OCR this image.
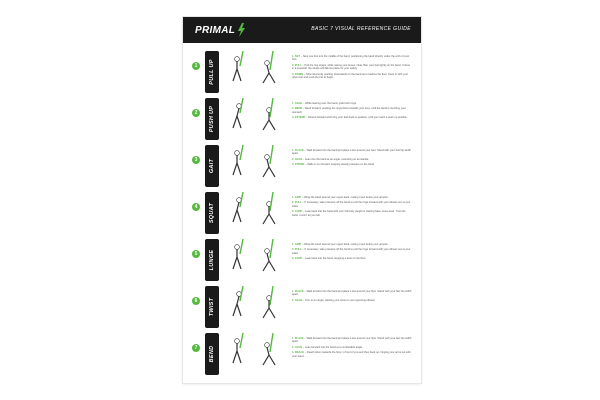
PRIMAL	BASIC 7 VISUAL REFERENCE GUIDE
1	PULL UP
1. SET – Step one foot into the middle of the band, positioning the band directly under the arch of your foot.
2. PULL – Pull the ring straps, while raising your knees. Note: Ban your feet lightly on the band. If done in a treadmill, the straps will fall into place for your safety.
3. DOWN – Slow descently pushing downwards on the band as it reaches the floor. Keep in with your other foot and push the bar to begin.
2	PUSH UP
1. SAGE – While leaning over the band, grab both rings.
2. BEND – Bend forward, pushing the rings down towards your toes, until the band is touching your stomach.
3. EXTEND – Extend forward and bring your feet back to position, until you reach a push up position.
3	GAIT
1. PLACE – Walk forward into the band and place it low around your feet. Stand with your feet hip width apart.
2. LEAN – Lean into the band at an angle, extending an arm/ankle.
3. STRIDE – Walk or run forward, keeping steady pressure on the band.
4	SQUAT
1. GRIP – Wrap the band around your upper back, resting it just below your armpits.
2. PULL – If necessary, take pressure off the band to pull the rings forward with your elbows out at your sides.
3. LOOP – Lean back into the band with your full body weight in training base, knee-level. Trust the band, it won't let you fall.
5	LUNGE
1. GRIP – Wrap the band around your upper back, resting it just below your armpits.
2. PULL – If necessary, take pressure off the band to pull the rings forward with your elbows out at your sides.
3. LOOP – Lean back into the band, stepping a knee to the floor.
6	TWIST
1. PLACE – Walk forward into the band and place it low around your hips. Stand with your feet hip width apart.
2. LEAN – Turn to an angle, twisting your torso to your opposing elbows.
7	BEND
1. PLACE – Walk forward into the band and place it low around your hips. Stand with your feet hip width apart.
2. LEAN – Lean forward into the band at a comfortable angle.
3. REACH – Reach down towards the floor, in front of you and then back up, hinging your arms out with your band.
